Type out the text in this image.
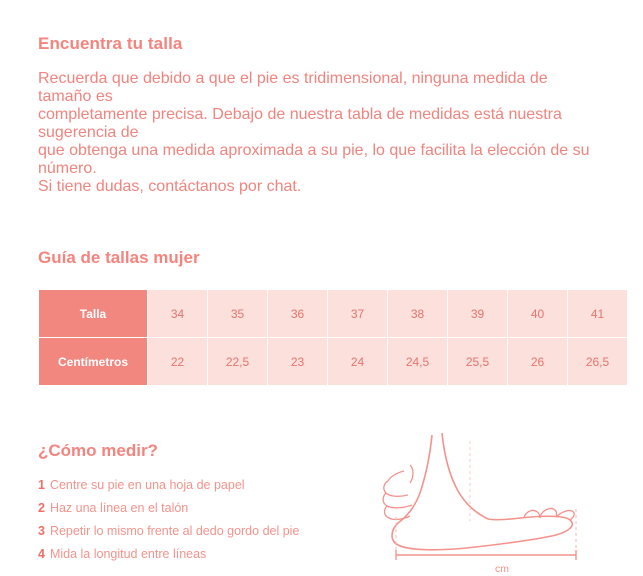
Encuentra tu talla

Recuerda que debido a que el pie es tridimensional, ninguna medida de tamaño es
completamente precisa. Debajo de nuestra tabla de medidas está nuestra sugerencia de
que obtenga una medida aproximada a su pie, lo que facilita la elección de su número.
Si tiene dudas, contáctanos por chat.

Guía de tallas mujer
Talla	34	35	36	37	38	39	40	41
Centímetros	22	22,5	23	24	24,5	25,5	26	26,5
¿Cómo medir?
1 Centre su pie en una hoja de papel
2 Haz una línea en el talón
3 Repetir lo mismo frente al dedo gordo del pie
4 Mida la longitud entre líneas
cm
